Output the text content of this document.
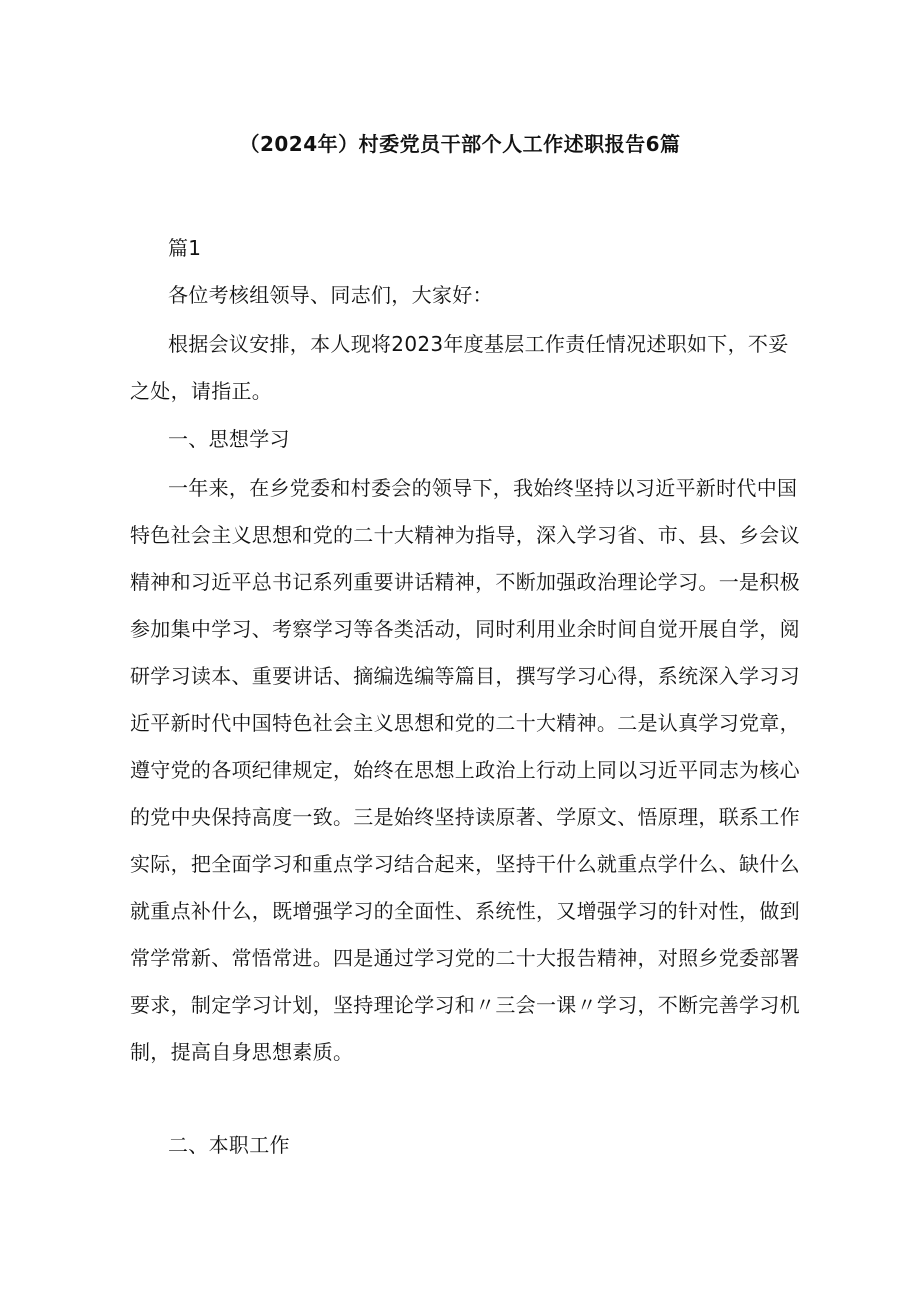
（2024年）村委党员干部个人工作述职报告6篇
篇1
各位考核组领导、同志们，大家好：
根据会议安排，本人现将2023年度基层工作责任情况述职如下，不妥
之处，请指正。
一、思想学习
一年来，在乡党委和村委会的领导下，我始终坚持以习近平新时代中国
特色社会主义思想和党的二十大精神为指导，深入学习省、市、县、乡会议
精神和习近平总书记系列重要讲话精神，不断加强政治理论学习。一是积极
参加集中学习、考察学习等各类活动，同时利用业余时间自觉开展自学，阅
研学习读本、重要讲话、摘编选编等篇目，撰写学习心得，系统深入学习习
近平新时代中国特色社会主义思想和党的二十大精神。二是认真学习党章，
遵守党的各项纪律规定，始终在思想上政治上行动上同以习近平同志为核心
的党中央保持高度一致。三是始终坚持读原著、学原文、悟原理，联系工作
实际，把全面学习和重点学习结合起来，坚持干什么就重点学什么、缺什么
就重点补什么，既增强学习的全面性、系统性，又增强学习的针对性，做到
常学常新、常悟常进。四是通过学习党的二十大报告精神，对照乡党委部署
要求，制定学习计划，坚持理论学习和〃三会一课〃学习，不断完善学习机
制，提高自身思想素质。
二、本职工作
